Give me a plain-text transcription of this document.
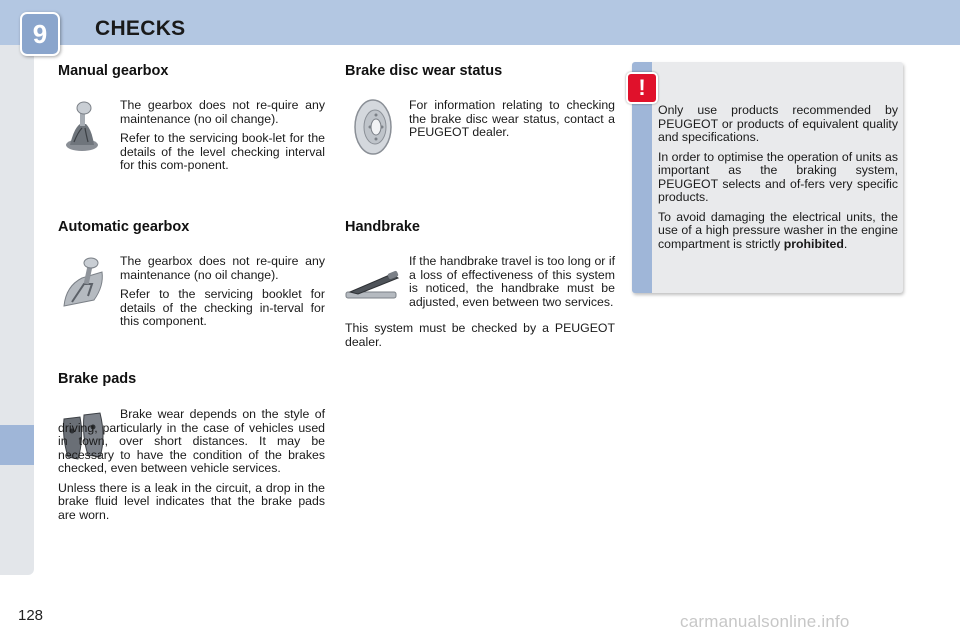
9	CHECKS
Manual gearbox

The gearbox does not re-quire any maintenance (no oil change).

Refer to the servicing book-let for the details of the level checking interval for this com-ponent.

Automatic gearbox

The gearbox does not re-quire any maintenance (no oil change).

Refer to the servicing booklet for details of the checking in-terval for this component.

Brake pads

Brake wear depends on the style of driving, particularly in the case of vehicles used in town, over short distances. It may be necessary to have the condition of the brakes checked, even between vehicle services.

Unless there is a leak in the circuit, a drop in the brake fluid level indicates that the brake pads are worn.

Brake disc wear status

For information relating to checking the brake disc wear status, contact a PEUGEOT dealer.

Handbrake

If the handbrake travel is too long or if a loss of effectiveness of this system is noticed, the handbrake must be adjusted, even between two services.

This system must be checked by a PEUGEOT dealer.

!

Only use products recommended by PEUGEOT or products of equivalent quality and specifications.

In order to optimise the operation of units as important as the braking system, PEUGEOT selects and of-fers very specific products.

To avoid damaging the electrical units, the use of a high pressure washer in the engine compartment is strictly prohibited.

128	carmanualsonline.info
